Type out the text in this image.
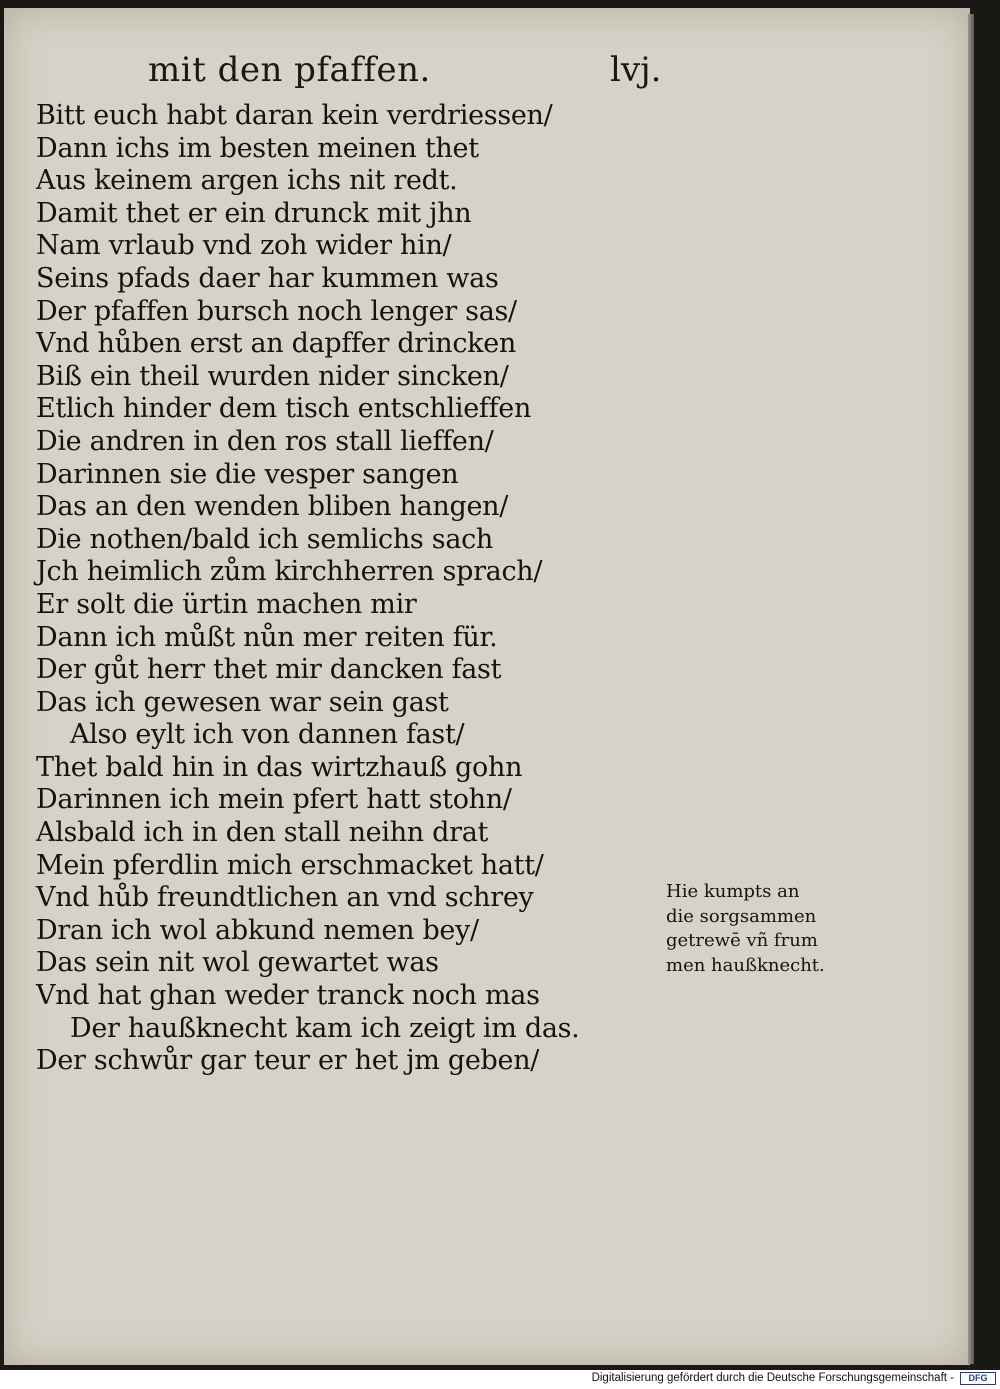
mit den pfaffen.	lvj.
Bitt euch habt daran kein verdriessen/
Dann ichs im besten meinen thet
Aus keinem argen ichs nit redt.
Damit thet er ein drunck mit jhn
Nam vrlaub vnd zoh wider hin/
Seins pfads daer har kummen was
Der pfaffen bursch noch lenger sas/
Vnd hůben erst an dapffer drincken
Biß ein theil wurden nider sincken/
Etlich hinder dem tisch entschlieffen
Die andren in den ros stall lieffen/
Darinnen sie die vesper sangen
Das an den wenden bliben hangen/
Die nothen/bald ich semlichs sach
Jch heimlich zům kirchherren sprach/
Er solt die ürtin machen mir
Dann ich můßt nůn mer reiten für.
Der gůt herr thet mir dancken fast
Das ich gewesen war sein gast
Also eylt ich von dannen fast/
Thet bald hin in das wirtzhauß gohn
Darinnen ich mein pfert hatt stohn/
Alsbald ich in den stall neihn drat
Mein pferdlin mich erschmacket hatt/
Vnd hůb freundtlichen an vnd schrey
Dran ich wol abkund nemen bey/
Das sein nit wol gewartet was
Vnd hat ghan weder tranck noch mas
Der haußknecht kam ich zeigt im das.
Der schwůr gar teur er het jm geben/
Hie kumpts an
die sorgsammen
getrewē vñ frum
men haußknecht.
Digitalisierung gefördert durch die Deutsche Forschungsgemeinschaft -	DFG
